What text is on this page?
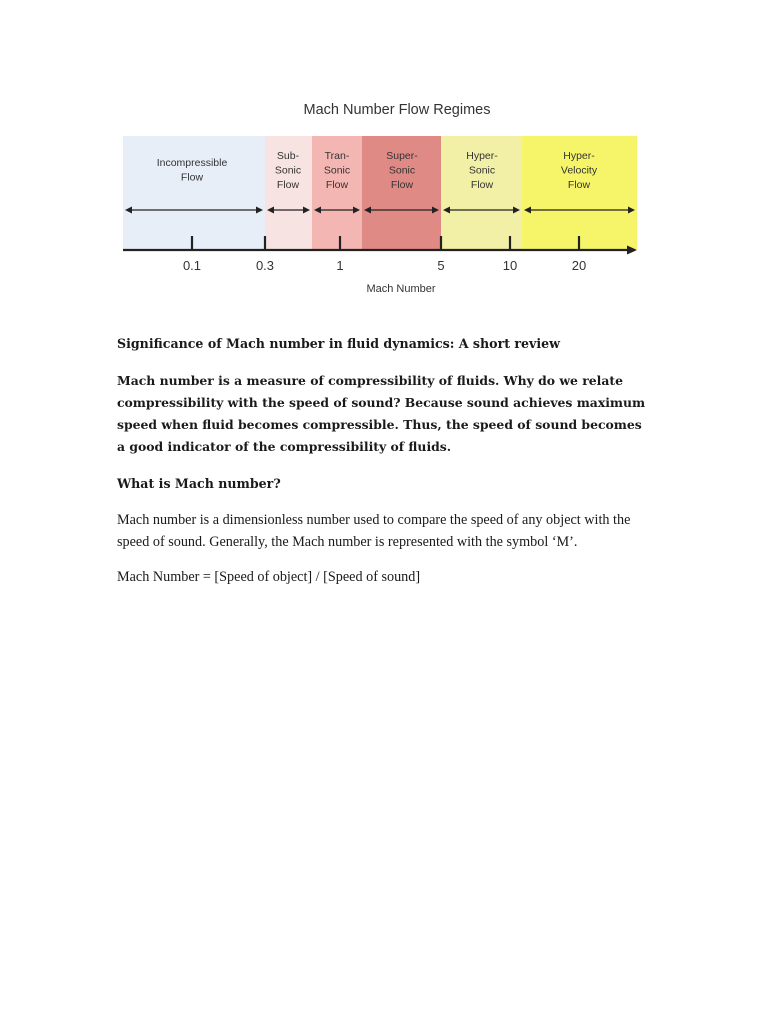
Mach Number Flow Regimes
Incompressible
Flow
Sub-
Sonic
Flow
Tran-
Sonic
Flow
Super-
Sonic
Flow
Hyper-
Sonic
Flow
Hyper-
Velocity
Flow
0.1	0.3	1	5	10	20
Mach Number

Significance of Mach number in fluid dynamics: A short review

Mach number is a measure of compressibility of fluids. Why do we relate compressibility with the speed of sound? Because sound achieves maximum speed when fluid becomes compressible. Thus, the speed of sound becomes a good indicator of the compressibility of fluids.

What is Mach number?

Mach number is a dimensionless number used to compare the speed of any object with the speed of sound. Generally, the Mach number is represented with the symbol ‘M’.

Mach Number = [Speed of object] / [Speed of sound]
